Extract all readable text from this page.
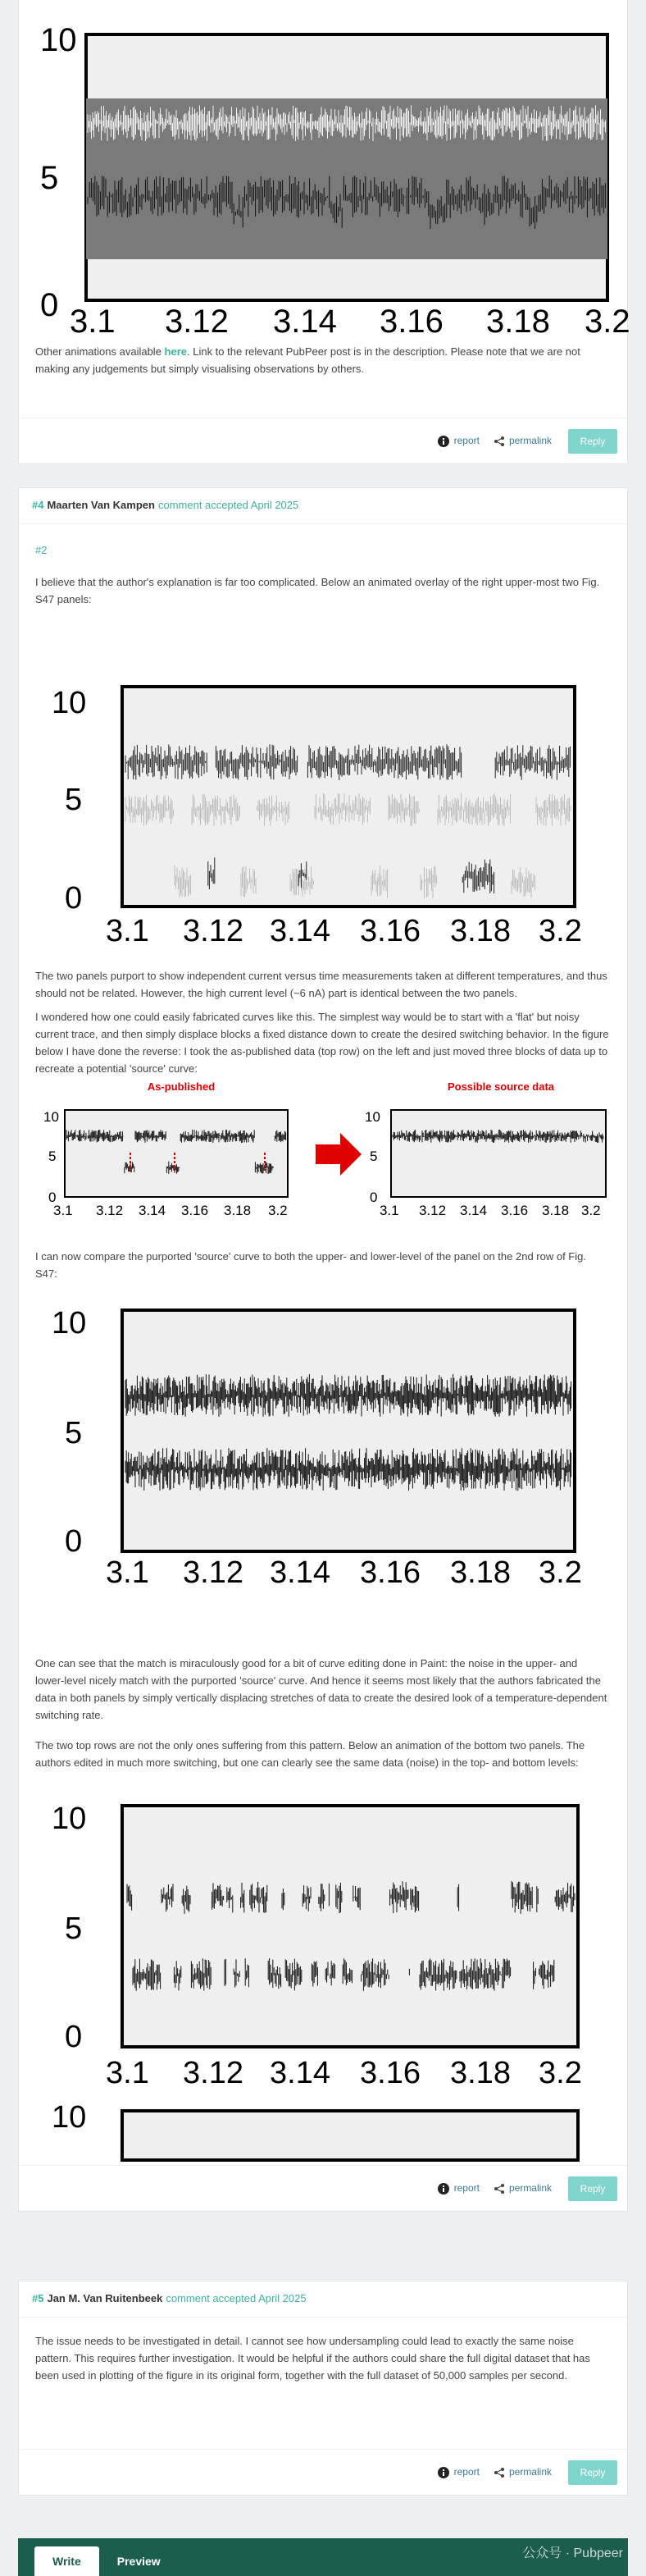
10
5
0 3.1 3.12 3.14 3.16 3.18 3.2

Other animations available here. Link to the relevant PubPeer post is in the description. Please note that we are not making any judgements but simply visualising observations by others.

report	permalink	Reply
#4 Maarten Van Kampen comment accepted April 2025
#2

I believe that the author's explanation is far too complicated. Below an animated overlay of the right upper-most two Fig. S47 panels:

10
5
0
3.1 3.12 3.14 3.16 3.18 3.2

The two panels purport to show independent current versus time measurements taken at different temperatures, and thus should not be related. However, the high current level (~6 nA) part is identical between the two panels.

I wondered how one could easily fabricated curves like this. The simplest way would be to start with a 'flat' but noisy current trace, and then simply displace blocks a fixed distance down to create the desired switching behavior. In the figure below I have done the reverse: I took the as-published data (top row) on the left and just moved three blocks of data up to recreate a potential 'source' curve:

As-published	Possible source data
10
5
0
3.1 3.12 3.14 3.16 3.18 3.2
10
5
0
3.1 3.12 3.14 3.16 3.18 3.2

I can now compare the purported 'source' curve to both the upper- and lower-level of the panel on the 2nd row of Fig. S47:

10
5
0
3.1 3.12 3.14 3.16 3.18 3.2

One can see that the match is miraculously good for a bit of curve editing done in Paint: the noise in the upper- and lower-level nicely match with the purported 'source' curve. And hence it seems most likely that the authors fabricated the data in both panels by simply vertically displacing stretches of data to create the desired look of a temperature-dependent switching rate.

The two top rows are not the only ones suffering from this pattern. Below an animation of the bottom two panels. The authors edited in much more switching, but one can clearly see the same data (noise) in the top- and bottom levels:

10
5
0
3.1 3.12 3.14 3.16 3.18 3.2
10
report	permalink	Reply
#5 Jan M. Van Ruitenbeek comment accepted April 2025

The issue needs to be investigated in detail. I cannot see how undersampling could lead to exactly the same noise pattern. This requires further investigation. It would be helpful if the authors could share the full digital dataset that has been used in plotting of the figure in its original form, together with the full dataset of 50,000 samples per second.

report	permalink	Reply
Write	Preview
公众号 · Pubpeer
